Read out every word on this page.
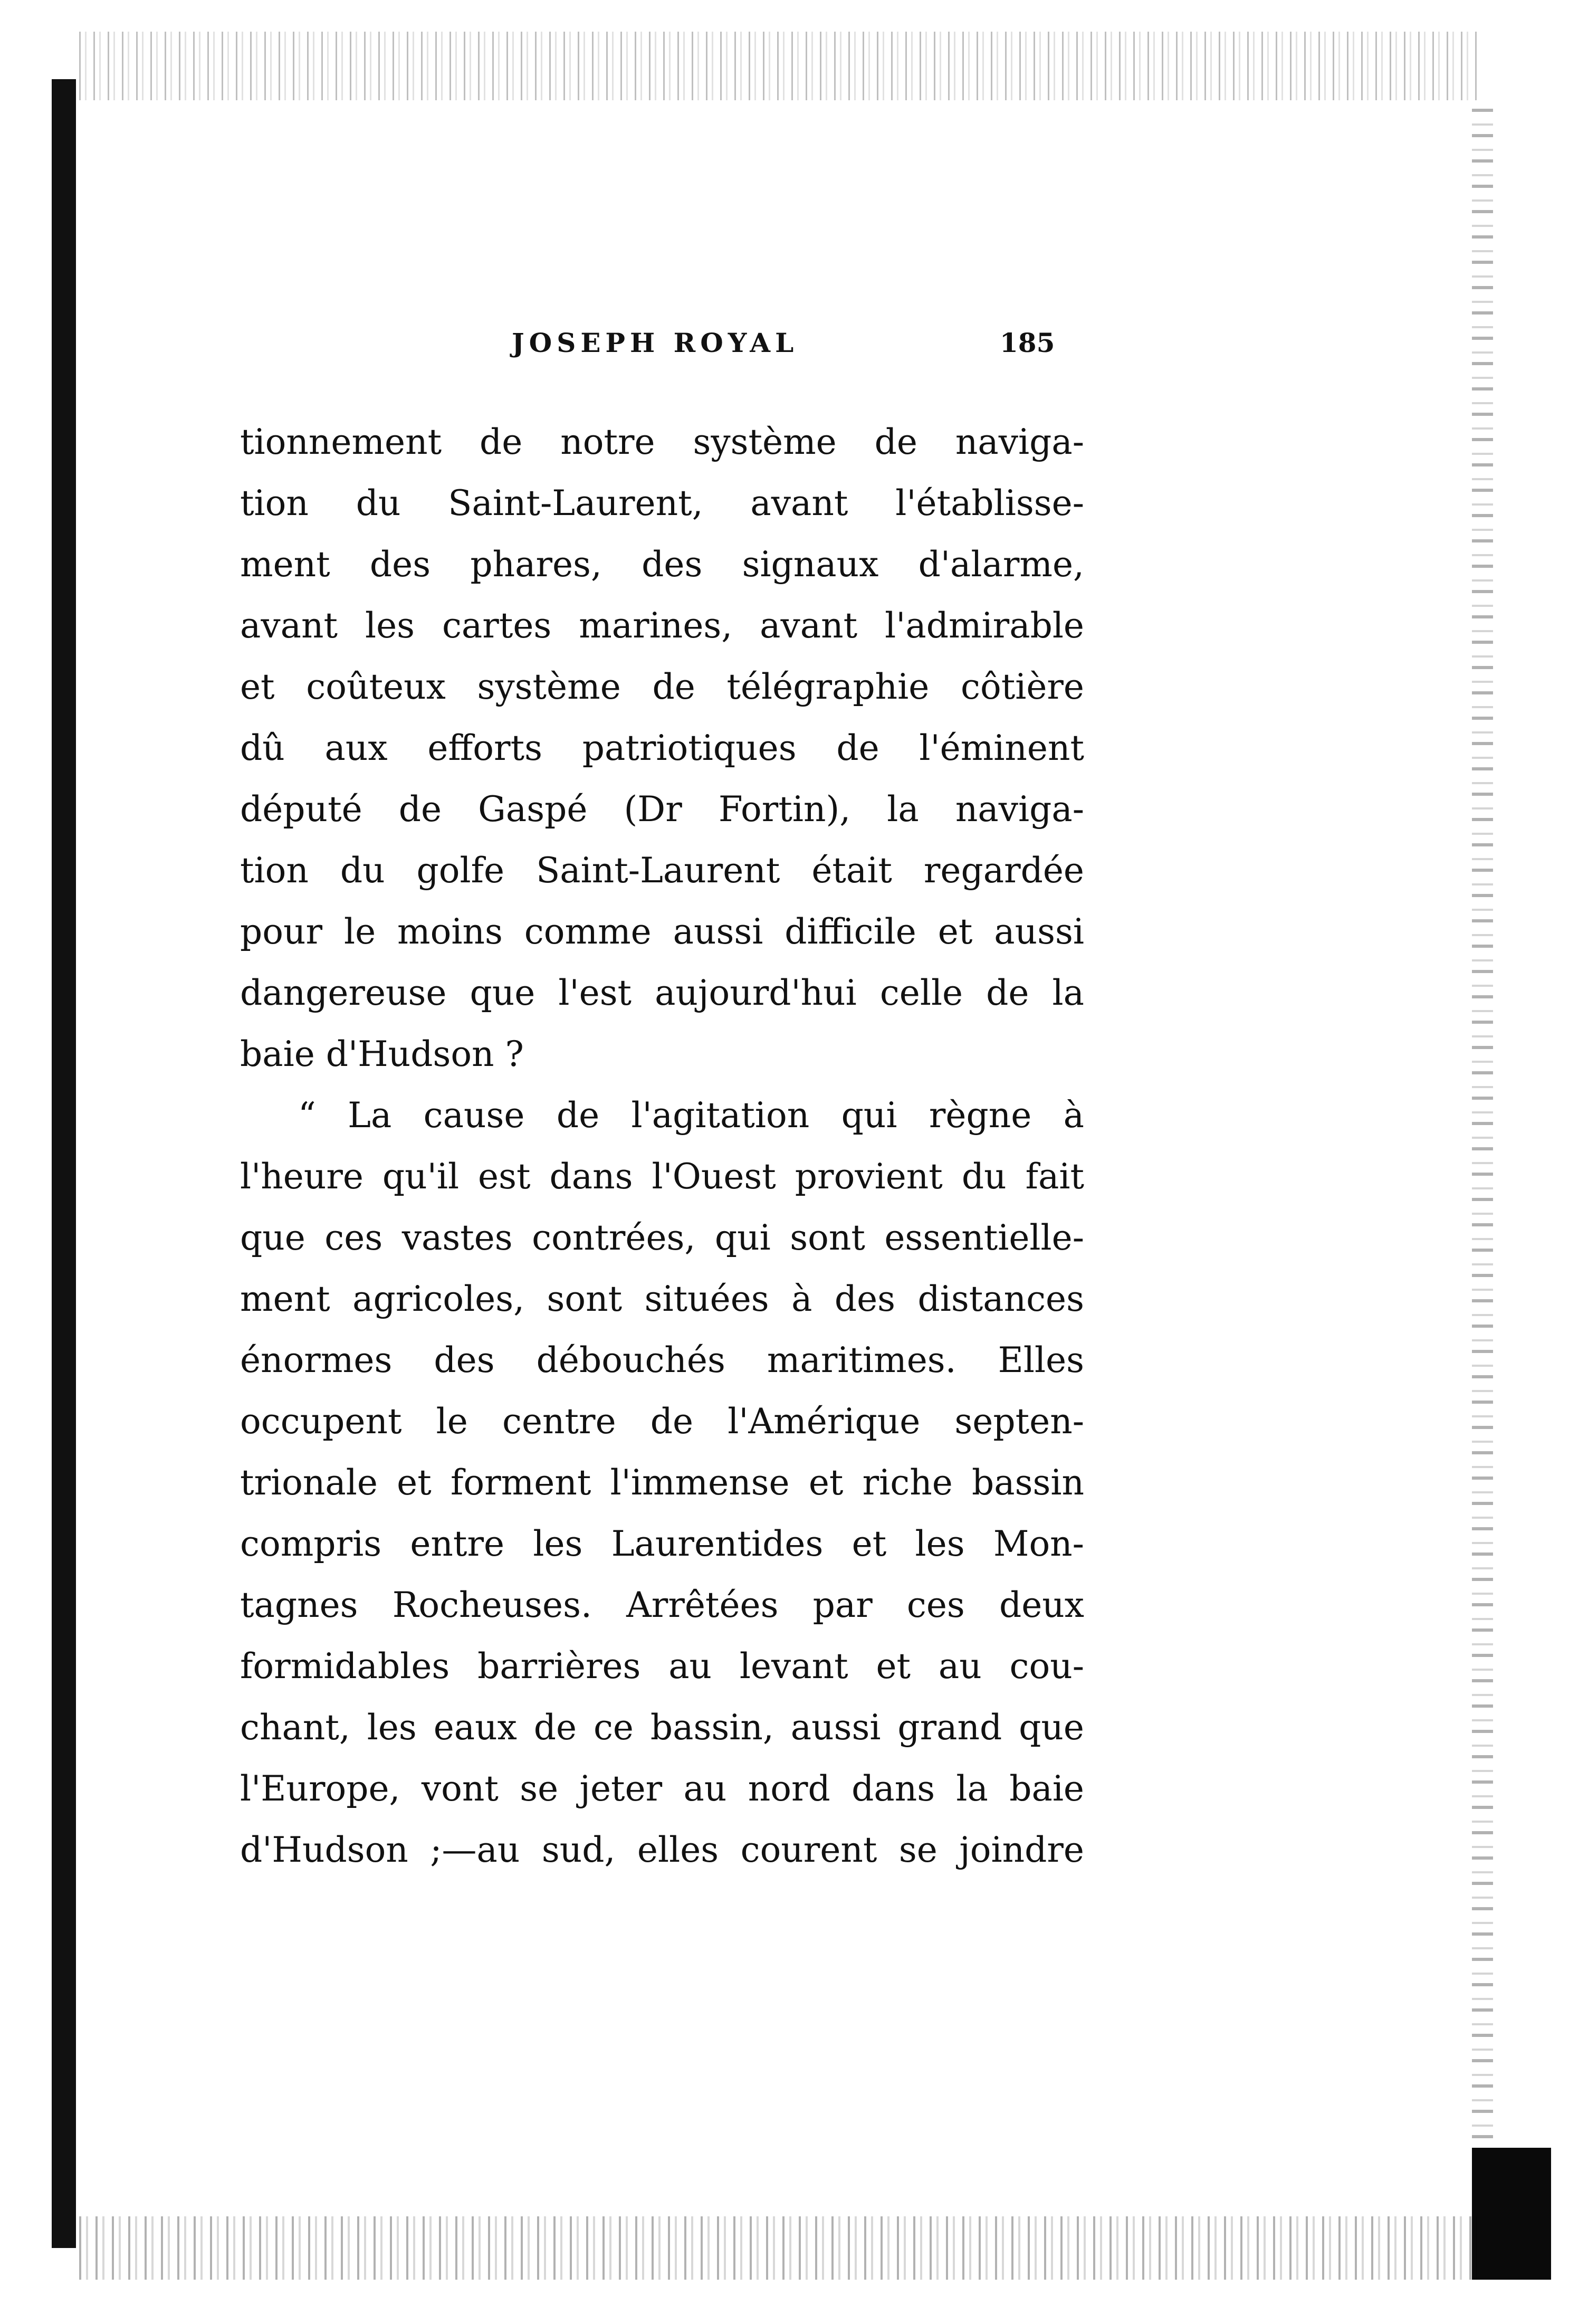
JOSEPH ROYAL	185
tionnement de notre système de naviga-
tion du Saint-Laurent, avant l'établisse-
ment des phares, des signaux d'alarme,
avant les cartes marines, avant l'admirable
et coûteux système de télégraphie côtière
dû aux efforts patriotiques de l'éminent
député de Gaspé (Dr Fortin), la naviga-
tion du golfe Saint-Laurent était regardée
pour le moins comme aussi difficile et aussi
dangereuse que l'est aujourd'hui celle de la
baie d'Hudson ?
“ La cause de l'agitation qui règne à
l'heure qu'il est dans l'Ouest provient du fait
que ces vastes contrées, qui sont essentielle-
ment agricoles, sont situées à des distances
énormes des débouchés maritimes. Elles
occupent le centre de l'Amérique septen-
trionale et forment l'immense et riche bassin
compris entre les Laurentides et les Mon-
tagnes Rocheuses. Arrêtées par ces deux
formidables barrières au levant et au cou-
chant, les eaux de ce bassin, aussi grand que
l'Europe, vont se jeter au nord dans la baie
d'Hudson ;—au sud, elles courent se joindre
